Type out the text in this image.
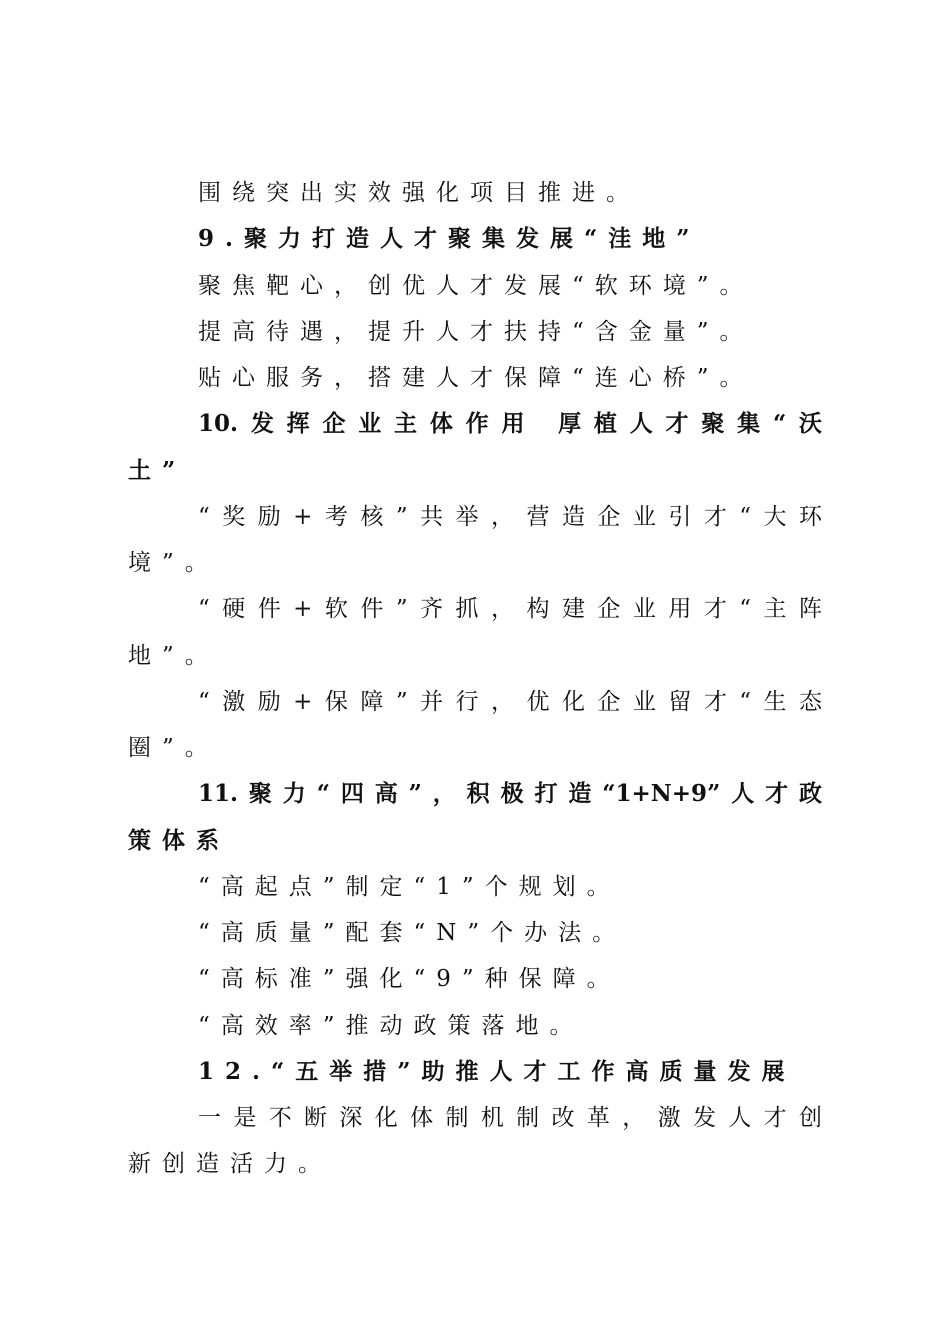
围绕突出实效强化项目推进。
9.聚力打造人才聚集发展“洼地”
聚焦靶心，创优人才发展“软环境”。
提高待遇，提升人才扶持“含金量”。
贴心服务，搭建人才保障“连心桥”。
10.发挥企业主体作用 厚植人才聚集“沃
土”
“奖励+考核”共举，营造企业引才“大环
境”。
“硬件+软件”齐抓，构建企业用才“主阵
地”。
“激励+保障”并行，优化企业留才“生态
圈”。
11.聚力“四高”，积极打造“1+N+9”人才政
策体系
“高起点”制定“1”个规划。
“高质量”配套“N”个办法。
“高标准”强化“9”种保障。
“高效率”推动政策落地。
12.“五举措”助推人才工作高质量发展
一是不断深化体制机制改革，激发人才创
新创造活力。
